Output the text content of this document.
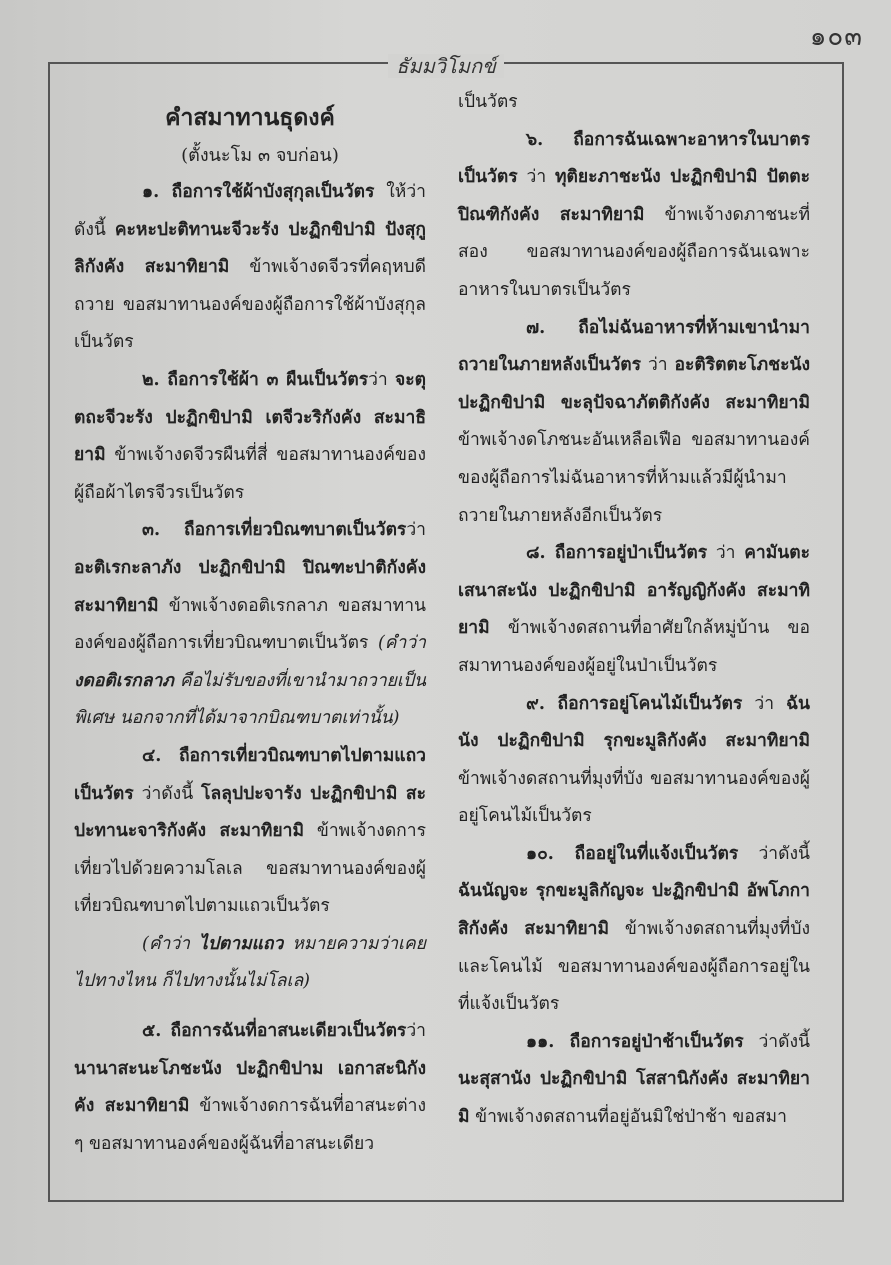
๑๐๓
ธัมมวิโมกข์
คำสมาทานธุดงค์
(ตั้งนะโม ๓ จบก่อน)

๑. ถือการใช้ผ้าบังสุกุลเป็นวัตร ให้ว่าดังนี้ คะหะปะติทานะจีวะรัง ปะฏิกขิปามิ ปังสุกูลิกังคัง สะมาทิยามิ ข้าพเจ้างดจีวรที่คฤหบดีถวาย ขอสมาทานองค์ของผู้ถือการใช้ผ้าบังสุกุลเป็นวัตร

๒. ถือการใช้ผ้า ๓ ผืนเป็นวัตรว่า จะตุตถะจีวะรัง ปะฏิกขิปามิ เตจีวะริกังคัง สะมาธิยามิ ข้าพเจ้างดจีวรผืนที่สี่ ขอสมาทานองค์ของผู้ถือผ้าไตรจีวรเป็นวัตร

๓. ถือการเที่ยวบิณฑบาตเป็นวัตรว่า อะติเรกะลาภัง ปะฏิกขิปามิ ปิณฑะปาติกังคัง สะมาทิยามิ ข้าพเจ้างดอติเรกลาภ ขอสมาทานองค์ของผู้ถือการเที่ยวบิณฑบาตเป็นวัตร (คำว่า งดอติเรกลาภ คือไม่รับของที่เขานำมาถวายเป็นพิเศษ นอกจากที่ได้มาจากบิณฑบาตเท่านั้น)

๔. ถือการเที่ยวบิณฑบาตไปตามแถวเป็นวัตร ว่าดังนี้ โลลุปปะจารัง ปะฏิกขิปามิ สะปะทานะจาริกังคัง สะมาทิยามิ ข้าพเจ้างดการเที่ยวไปด้วยความโลเล ขอสมาทานองค์ของผู้เที่ยวบิณฑบาตไปตามแถวเป็นวัตร

(คำว่า ไปตามแถว หมายความว่าเคยไปทางไหน ก็ไปทางนั้นไม่โลเล)

๕. ถือการฉันที่อาสนะเดียวเป็นวัตรว่า นานาสะนะโภชะนัง ปะฏิกขิปาม เอกาสะนิกังคัง สะมาทิยามิ ข้าพเจ้างดการฉันที่อาสนะต่าง ๆ ขอสมาทานองค์ของผู้ฉันที่อาสนะเดียว

เป็นวัตร

๖. ถือการฉันเฉพาะอาหารในบาตรเป็นวัตร ว่า ทุติยะภาชะนัง ปะฏิกขิปามิ ปัตตะปิณฑิกังคัง สะมาทิยามิ ข้าพเจ้างดภาชนะที่สอง ขอสมาทานองค์ของผู้ถือการฉันเฉพาะอาหารในบาตรเป็นวัตร

๗. ถือไม่ฉันอาหารที่ห้ามเขานำมาถวายในภายหลังเป็นวัตร ว่า อะติริตตะโภชะนัง ปะฏิกขิปามิ ขะลุปัจฉาภัตติกังคัง สะมาทิยามิ ข้าพเจ้างดโภชนะอันเหลือเฟือ ขอสมาทานองค์ของผู้ถือการไม่ฉันอาหารที่ห้ามแล้วมีผู้นำมาถวายในภายหลังอีกเป็นวัตร

๘. ถือการอยู่ป่าเป็นวัตร ว่า คามันตะเสนาสะนัง ปะฏิกขิปามิ อารัญญิกังคัง สะมาทิยามิ ข้าพเจ้างดสถานที่อาศัยใกล้หมู่บ้าน ขอสมาทานองค์ของผู้อยู่ในป่าเป็นวัตร

๙. ถือการอยู่โคนไม้เป็นวัตร ว่า ฉันนัง ปะฏิกขิปามิ รุกขะมูลิกังคัง สะมาทิยามิ ข้าพเจ้างดสถานที่มุงที่บัง ขอสมาทานองค์ของผู้อยู่โคนไม้เป็นวัตร

๑๐. ถืออยู่ในที่แจ้งเป็นวัตร ว่าดังนี้ ฉันนัญจะ รุกขะมูลิกัญจะ ปะฏิกขิปามิ อัพโภกาสิกังคัง สะมาทิยามิ ข้าพเจ้างดสถานที่มุงที่บังและโคนไม้ ขอสมาทานองค์ของผู้ถือการอยู่ในที่แจ้งเป็นวัตร

๑๑. ถือการอยู่ป่าช้าเป็นวัตร ว่าดังนี้ นะสุสานัง ปะฏิกขิปามิ โสสานิกังคัง สะมาทิยามิ ข้าพเจ้างดสถานที่อยู่อันมิใช่ป่าช้า ขอสมา
